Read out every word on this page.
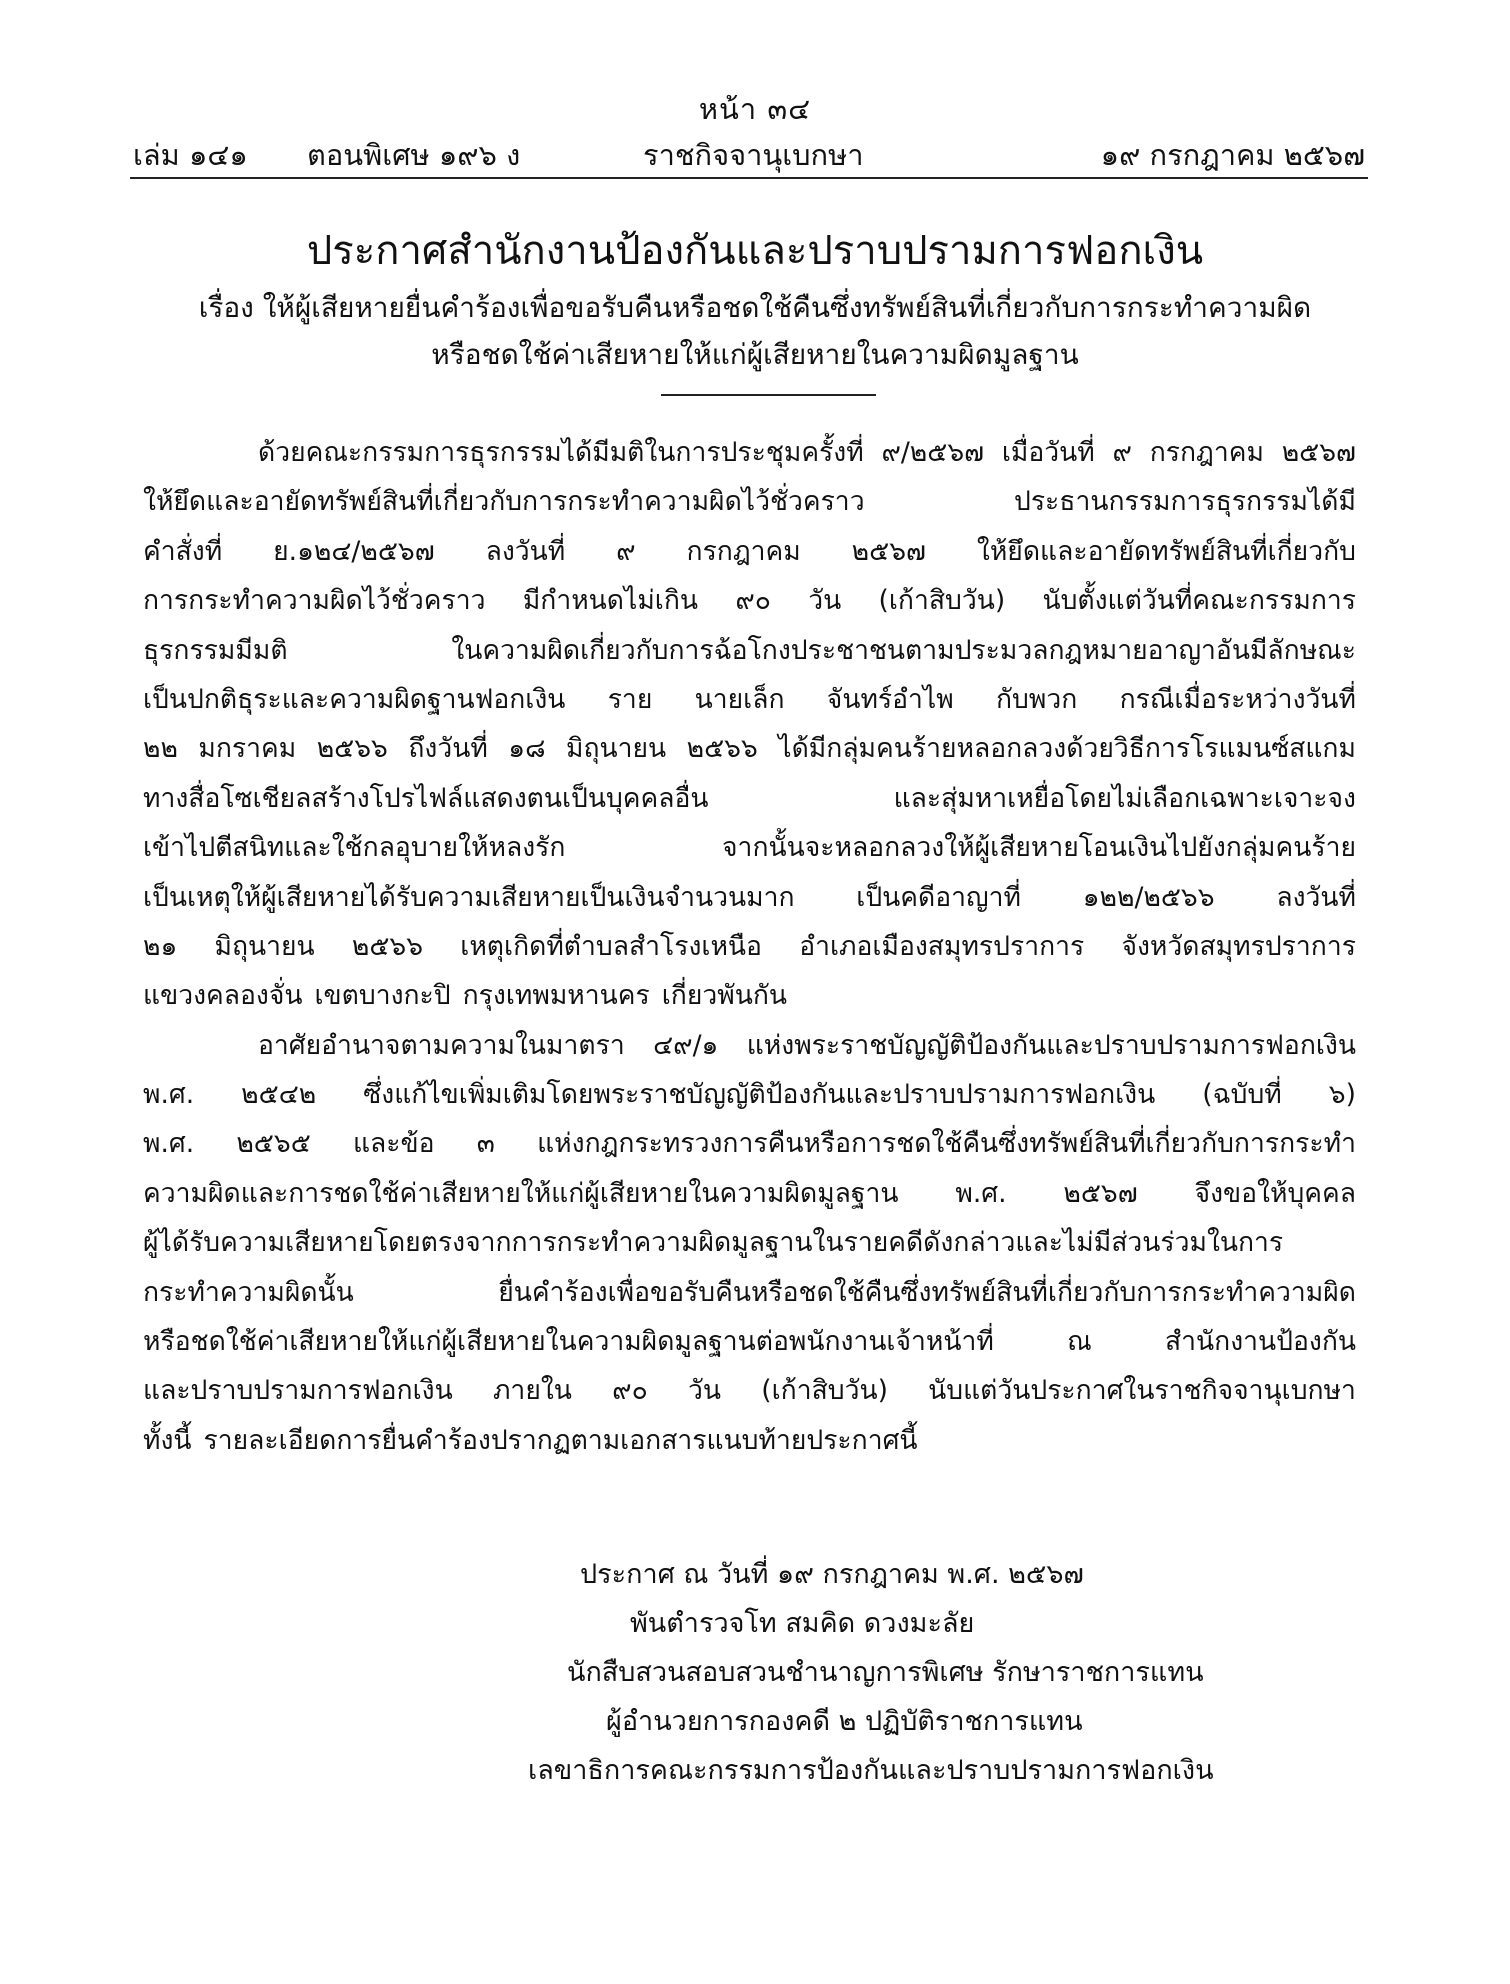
หน้า ๓๔
เล่ม ๑๔๑ ตอนพิเศษ ๑๙๖ ง	ราชกิจจานุเบกษา	๑๙ กรกฎาคม ๒๕๖๗
ประกาศสำนักงานป้องกันและปราบปรามการฟอกเงิน
เรื่อง ให้ผู้เสียหายยื่นคำร้องเพื่อขอรับคืนหรือชดใช้คืนซึ่งทรัพย์สินที่เกี่ยวกับการกระทำความผิด
หรือชดใช้ค่าเสียหายให้แก่ผู้เสียหายในความผิดมูลฐาน
ด้วยคณะกรรมการธุรกรรมได้มีมติในการประชุมครั้งที่ ๙/๒๕๖๗ เมื่อวันที่ ๙ กรกฎาคม ๒๕๖๗
ให้ยึดและอายัดทรัพย์สินที่เกี่ยวกับการกระทำความผิดไว้ชั่วคราว	ประธานกรรมการธุรกรรมได้มี
คำสั่งที่ ย.๑๒๔/๒๕๖๗ ลงวันที่ ๙ กรกฎาคม ๒๕๖๗ ให้ยึดและอายัดทรัพย์สินที่เกี่ยวกับ
การกระทำความผิดไว้ชั่วคราว มีกำหนดไม่เกิน ๙๐ วัน (เก้าสิบวัน) นับตั้งแต่วันที่คณะกรรมการ
ธุรกรรมมีมติ	ในความผิดเกี่ยวกับการฉ้อโกงประชาชนตามประมวลกฎหมายอาญาอันมีลักษณะ
เป็นปกติธุระและความผิดฐานฟอกเงิน ราย นายเล็ก จันทร์อำไพ กับพวก กรณีเมื่อระหว่างวันที่
๒๒ มกราคม ๒๕๖๖ ถึงวันที่ ๑๘ มิถุนายน ๒๕๖๖ ได้มีกลุ่มคนร้ายหลอกลวงด้วยวิธีการโรแมนซ์สแกม
ทางสื่อโซเชียลสร้างโปรไฟล์แสดงตนเป็นบุคคลอื่น	และสุ่มหาเหยื่อโดยไม่เลือกเฉพาะเจาะจง
เข้าไปตีสนิทและใช้กลอุบายให้หลงรัก	จากนั้นจะหลอกลวงให้ผู้เสียหายโอนเงินไปยังกลุ่มคนร้าย
เป็นเหตุให้ผู้เสียหายได้รับความเสียหายเป็นเงินจำนวนมาก เป็นคดีอาญาที่ ๑๒๒/๒๕๖๖ ลงวันที่
๒๑ มิถุนายน ๒๕๖๖ เหตุเกิดที่ตำบลสำโรงเหนือ อำเภอเมืองสมุทรปราการ จังหวัดสมุทรปราการ
แขวงคลองจั่น เขตบางกะปิ กรุงเทพมหานคร เกี่ยวพันกัน
อาศัยอำนาจตามความในมาตรา ๔๙/๑ แห่งพระราชบัญญัติป้องกันและปราบปรามการฟอกเงิน
พ.ศ. ๒๕๔๒ ซึ่งแก้ไขเพิ่มเติมโดยพระราชบัญญัติป้องกันและปราบปรามการฟอกเงิน (ฉบับที่ ๖)
พ.ศ. ๒๕๖๕ และข้อ ๓ แห่งกฎกระทรวงการคืนหรือการชดใช้คืนซึ่งทรัพย์สินที่เกี่ยวกับการกระทำ
ความผิดและการชดใช้ค่าเสียหายให้แก่ผู้เสียหายในความผิดมูลฐาน พ.ศ. ๒๕๖๗ จึงขอให้บุคคล
ผู้ได้รับความเสียหายโดยตรงจากการกระทำความผิดมูลฐานในรายคดีดังกล่าวและไม่มีส่วนร่วมในการ
กระทำความผิดนั้น	ยื่นคำร้องเพื่อขอรับคืนหรือชดใช้คืนซึ่งทรัพย์สินที่เกี่ยวกับการกระทำความผิด
หรือชดใช้ค่าเสียหายให้แก่ผู้เสียหายในความผิดมูลฐานต่อพนักงานเจ้าหน้าที่	ณ	สำนักงานป้องกัน
และปราบปรามการฟอกเงิน ภายใน ๙๐ วัน (เก้าสิบวัน) นับแต่วันประกาศในราชกิจจานุเบกษา
ทั้งนี้ รายละเอียดการยื่นคำร้องปรากฏตามเอกสารแนบท้ายประกาศนี้
ประกาศ ณ วันที่ ๑๙ กรกฎาคม พ.ศ. ๒๕๖๗
พันตำรวจโท สมคิด ดวงมะลัย
นักสืบสวนสอบสวนชำนาญการพิเศษ รักษาราชการแทน
ผู้อำนวยการกองคดี ๒ ปฏิบัติราชการแทน
เลขาธิการคณะกรรมการป้องกันและปราบปรามการฟอกเงิน
